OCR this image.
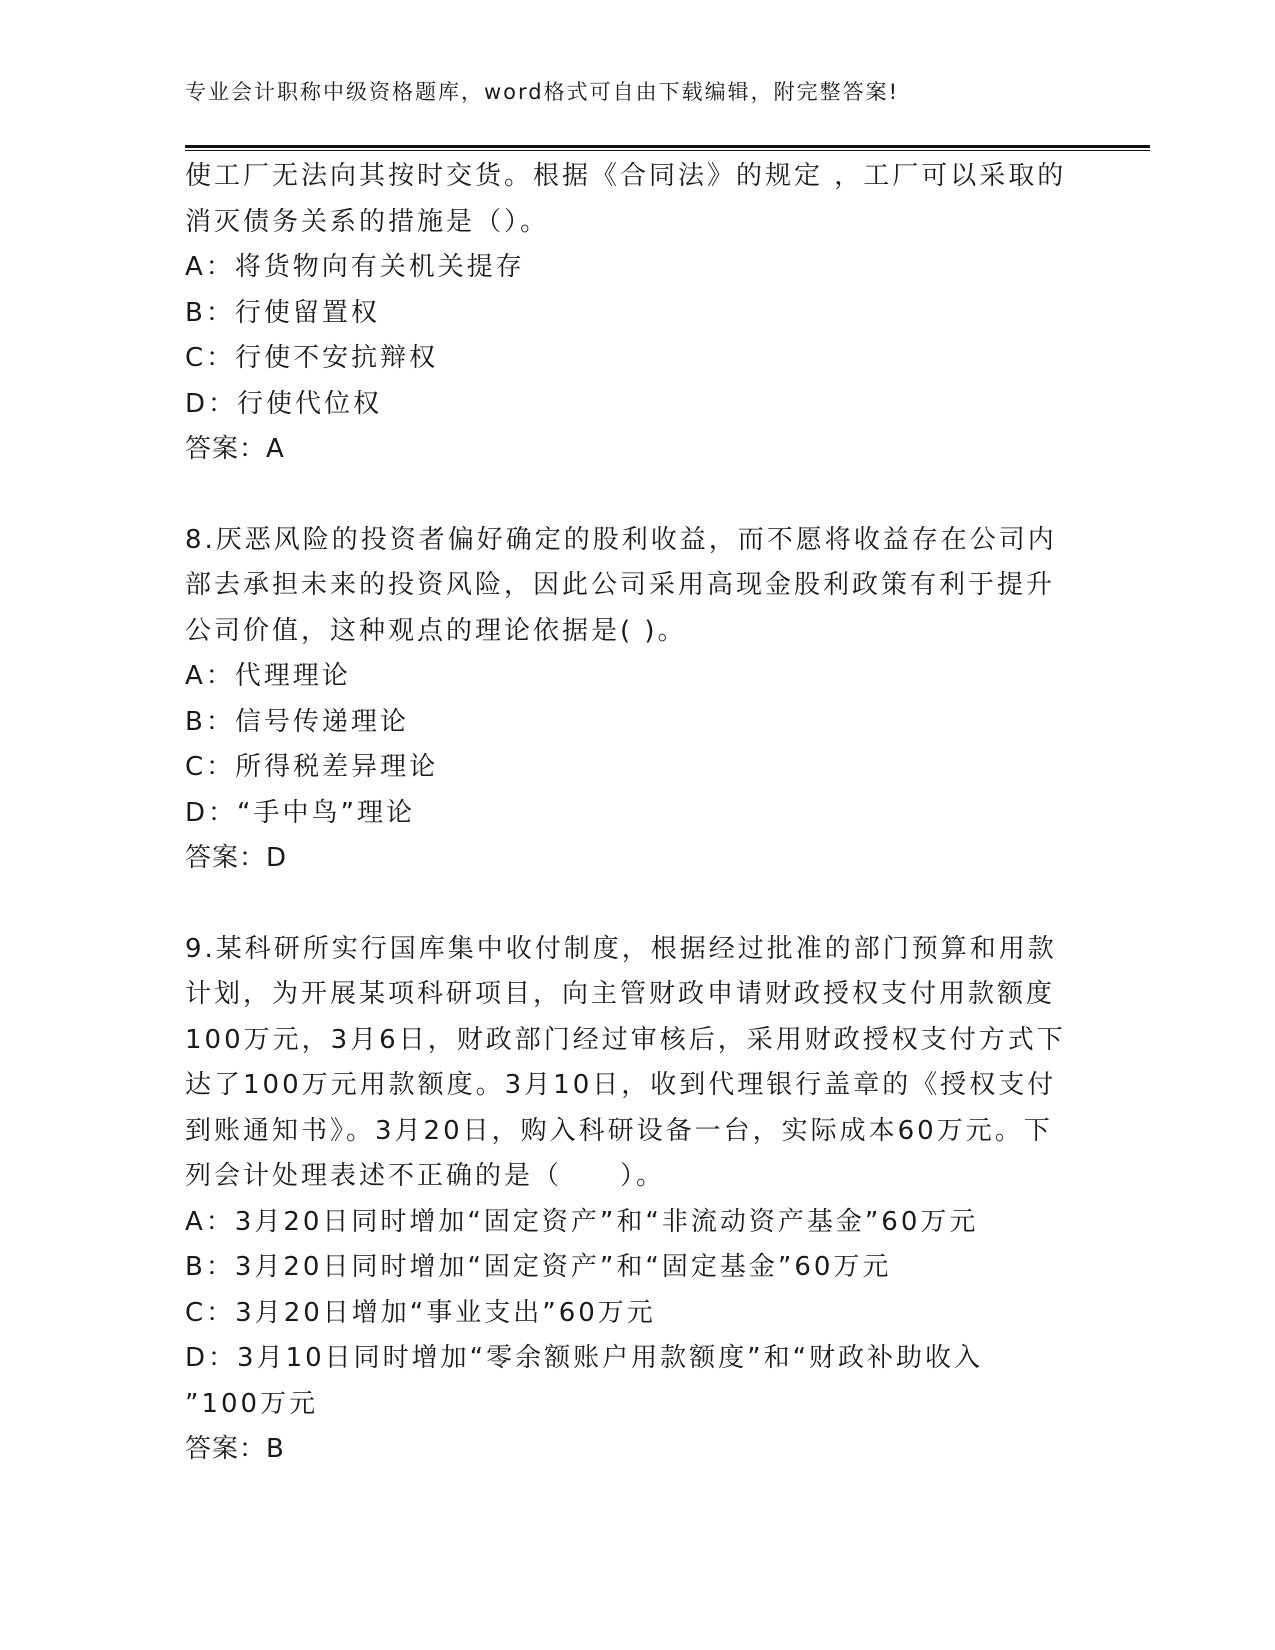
专业会计职称中级资格题库，word格式可自由下载编辑，附完整答案!
使工厂无法向其按时交货。根据《合同法》的规定 ，工厂可以采取的
消灭债务关系的措施是（）。
A：将货物向有关机关提存
B：行使留置权
C：行使不安抗辩权
D：行使代位权
答案：A
8.厌恶风险的投资者偏好确定的股利收益，而不愿将收益存在公司内
部去承担未来的投资风险，因此公司采用高现金股利政策有利于提升
公司价值，这种观点的理论依据是( )。
A：代理理论
B：信号传递理论
C：所得税差异理论
D：“手中鸟”理论
答案：D
9.某科研所实行国库集中收付制度，根据经过批准的部门预算和用款
计划，为开展某项科研项目，向主管财政申请财政授权支付用款额度
100万元，3月6日，财政部门经过审核后，采用财政授权支付方式下
达了100万元用款额度。3月10日，收到代理银行盖章的《授权支付
到账通知书》。3月20日，购入科研设备一台，实际成本60万元。下
列会计处理表述不正确的是（　　）。
A：3月20日同时增加“固定资产”和“非流动资产基金”60万元
B：3月20日同时增加“固定资产”和“固定基金”60万元
C：3月20日增加“事业支出”60万元
D：3月10日同时增加“零余额账户用款额度”和“财政补助收入
”100万元
答案：B
